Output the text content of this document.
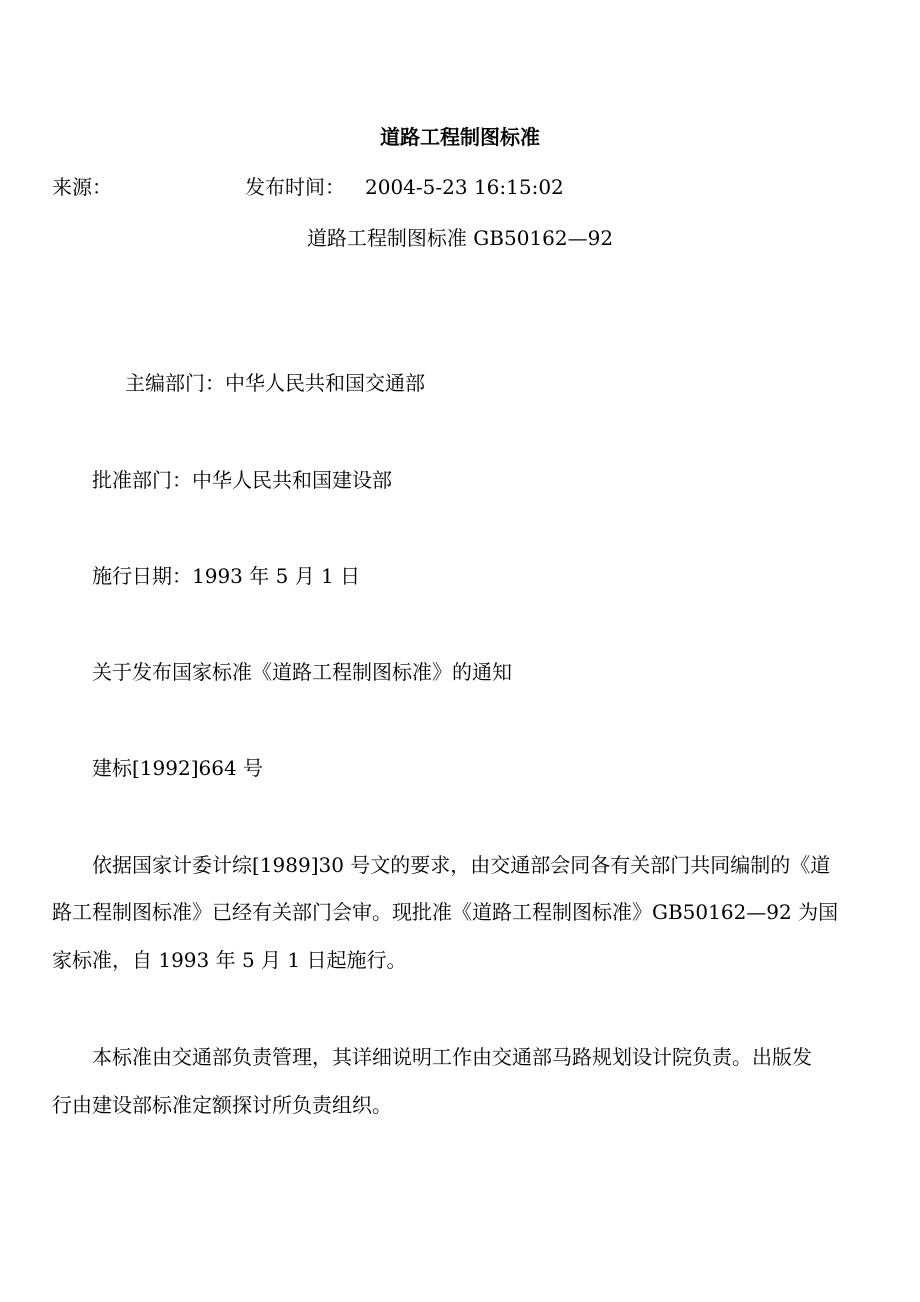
道路工程制图标准
来源：	发布时间： 2004-5-23 16:15:02
道路工程制图标准 GB50162—92
主编部门：中华人民共和国交通部
批准部门：中华人民共和国建设部
施行日期：1993 年 5 月 1 日
关于发布国家标准《道路工程制图标准》的通知
建标[1992]664 号
依据国家计委计综[1989]30 号文的要求，由交通部会同各有关部门共同编制的《道
路工程制图标准》已经有关部门会审。现批准《道路工程制图标准》GB50162—92 为国
家标准，自 1993 年 5 月 1 日起施行。
本标准由交通部负责管理，其详细说明工作由交通部马路规划设计院负责。出版发
行由建设部标准定额探讨所负责组织。
